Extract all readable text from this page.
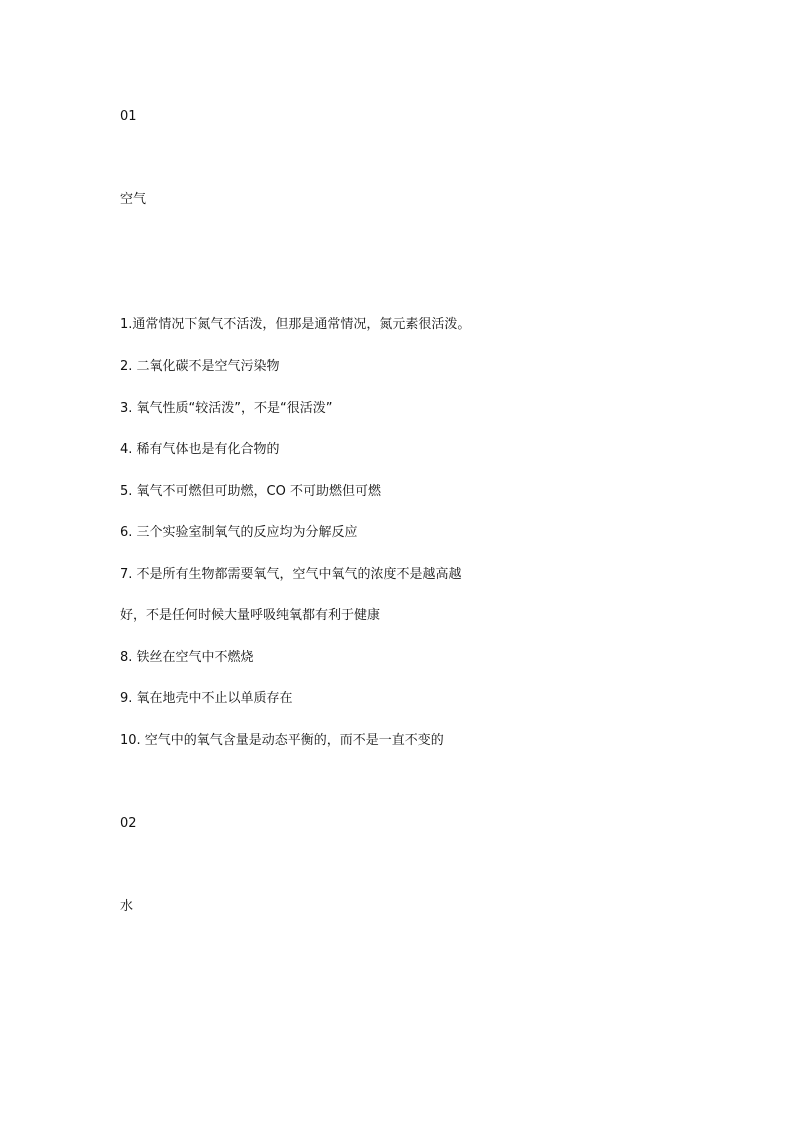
01

空气

1.通常情况下氮气不活泼，但那是通常情况，氮元素很活泼。

2. 二氧化碳不是空气污染物

3. 氧气性质“较活泼”，不是“很活泼”

4. 稀有气体也是有化合物的

5. 氧气不可燃但可助燃，CO 不可助燃但可燃

6. 三个实验室制氧气的反应均为分解反应

7. 不是所有生物都需要氧气，空气中氧气的浓度不是越高越

好，不是任何时候大量呼吸纯氧都有利于健康

8. 铁丝在空气中不燃烧

9. 氧在地壳中不止以单质存在

10. 空气中的氧气含量是动态平衡的，而不是一直不变的

02

水
